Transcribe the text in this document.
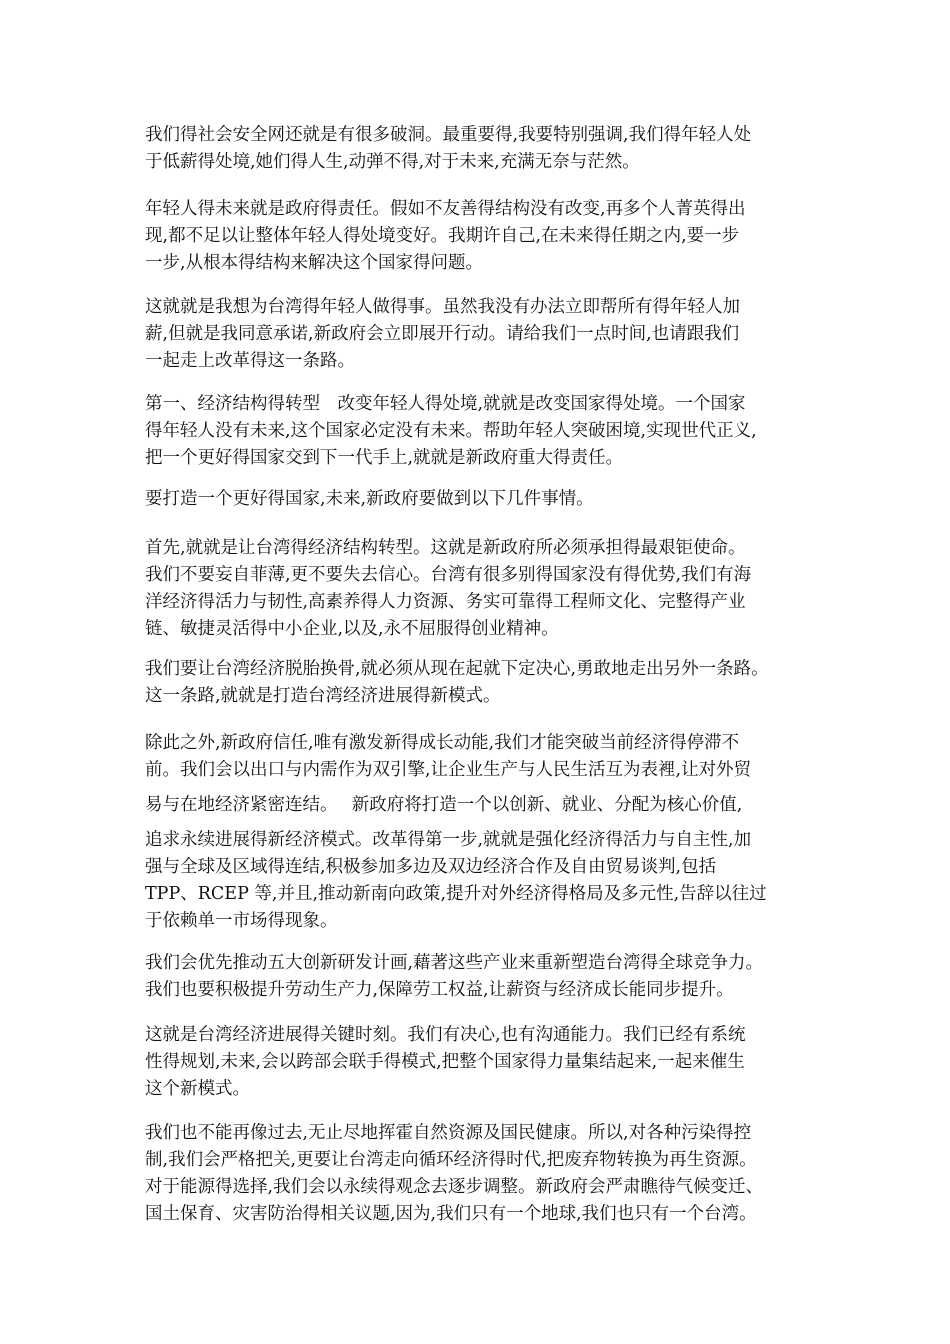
我们得社会安全网还就是有很多破洞。最重要得,我要特别强调,我们得年轻人处
于低薪得处境,她们得人生,动弹不得,对于未来,充满无奈与茫然。
年轻人得未来就是政府得责任。假如不友善得结构没有改变,再多个人菁英得出
现,都不足以让整体年轻人得处境变好。我期许自己,在未来得任期之内,要一步
一步,从根本得结构来解决这个国家得问题。
这就就是我想为台湾得年轻人做得事。虽然我没有办法立即帮所有得年轻人加
薪,但就是我同意承诺,新政府会立即展开行动。请给我们一点时间,也请跟我们
一起走上改革得这一条路。
第一、经济结构得转型　改变年轻人得处境,就就是改变国家得处境。一个国家
得年轻人没有未来,这个国家必定没有未来。帮助年轻人突破困境,实现世代正义,
把一个更好得国家交到下一代手上,就就是新政府重大得责任。
要打造一个更好得国家,未来,新政府要做到以下几件事情。
首先,就就是让台湾得经济结构转型。这就是新政府所必须承担得最艰钜使命。
我们不要妄自菲薄,更不要失去信心。台湾有很多别得国家没有得优势,我们有海
洋经济得活力与韧性,高素养得人力资源、务实可靠得工程师文化、完整得产业
链、敏捷灵活得中小企业,以及,永不屈服得创业精神。
我们要让台湾经济脱胎换骨,就必须从现在起就下定决心,勇敢地走出另外一条路。
这一条路,就就是打造台湾经济进展得新模式。
除此之外,新政府信任,唯有激发新得成长动能,我们才能突破当前经济得停滞不
前。我们会以出口与内需作为双引擎,让企业生产与人民生活互为表裡,让对外贸
易与在地经济紧密连结。　 新政府将打造一个以创新、就业、分配为核心价值,
追求永续进展得新经济模式。改革得第一步,就就是强化经济得活力与自主性,加
强与全球及区域得连结,积极参加多边及双边经济合作及自由贸易谈判,包括
TPP、RCEP 等,并且,推动新南向政策,提升对外经济得格局及多元性,告辞以往过
于依赖单一市场得现象。
我们会优先推动五大创新研发计画,藉著这些产业来重新塑造台湾得全球竞争力。
我们也要积极提升劳动生产力,保障劳工权益,让薪资与经济成长能同步提升。
这就是台湾经济进展得关键时刻。我们有决心,也有沟通能力。我们已经有系统
性得规划,未来,会以跨部会联手得模式,把整个国家得力量集结起来,一起来催生
这个新模式。
我们也不能再像过去,无止尽地挥霍自然资源及国民健康。所以,对各种污染得控
制,我们会严格把关,更要让台湾走向循环经济得时代,把废弃物转换为再生资源。
对于能源得选择,我们会以永续得观念去逐步调整。新政府会严肃瞧待气候变迁、
国土保育、灾害防治得相关议题,因为,我们只有一个地球,我们也只有一个台湾。
